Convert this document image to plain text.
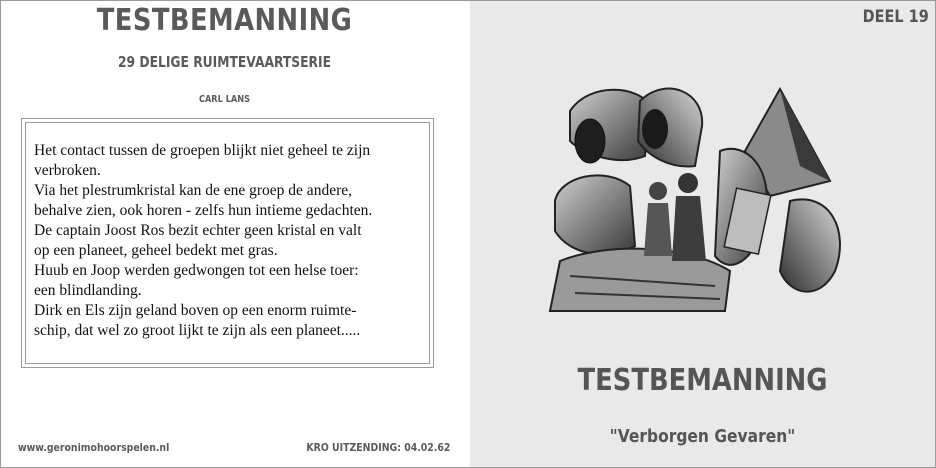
TESTBEMANNING
29 DELIGE RUIMTEVAARTSERIE
CARL LANS

Het contact tussen de groepen blijkt niet geheel te zijn
verbroken.
Via het plestrumkristal kan de ene groep de andere,
behalve zien, ook horen - zelfs hun intieme gedachten.
De captain Joost Ros bezit echter geen kristal en valt
op een planeet, geheel bedekt met gras.
Huub en Joop werden gedwongen tot een helse toer:
een blindlanding.
Dirk en Els zijn geland boven op een enorm ruimte-
schip, dat wel zo groot lijkt te zijn als een planeet.....

www.geronimohoorspelen.nl	KRO UITZENDING: 04.02.62
DEEL 19
TESTBEMANNING
"Verborgen Gevaren"
